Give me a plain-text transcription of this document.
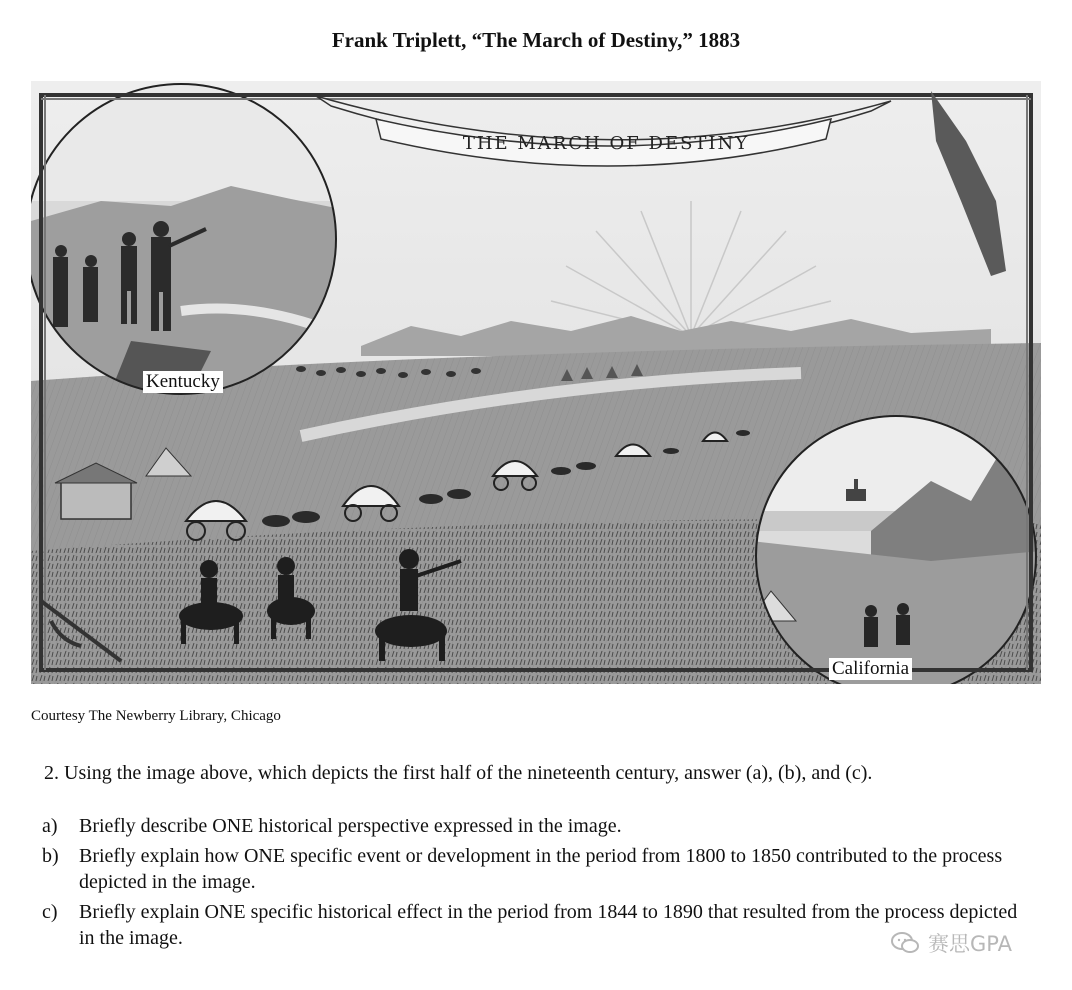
Frank Triplett, “The March of Destiny,” 1883
THE MARCH OF DESTINY
Kentucky
California
Courtesy The Newberry Library, Chicago
2. Using the image above, which depicts the first half of the nineteenth century, answer (a), (b), and (c).
a)	Briefly describe ONE historical perspective expressed in the image.
b)	Briefly explain how ONE specific event or development in the period from 1800 to 1850 contributed to the process depicted in the image.
c)	Briefly explain ONE specific historical effect in the period from 1844 to 1890 that resulted from the process depicted in the image.	赛思GPA
